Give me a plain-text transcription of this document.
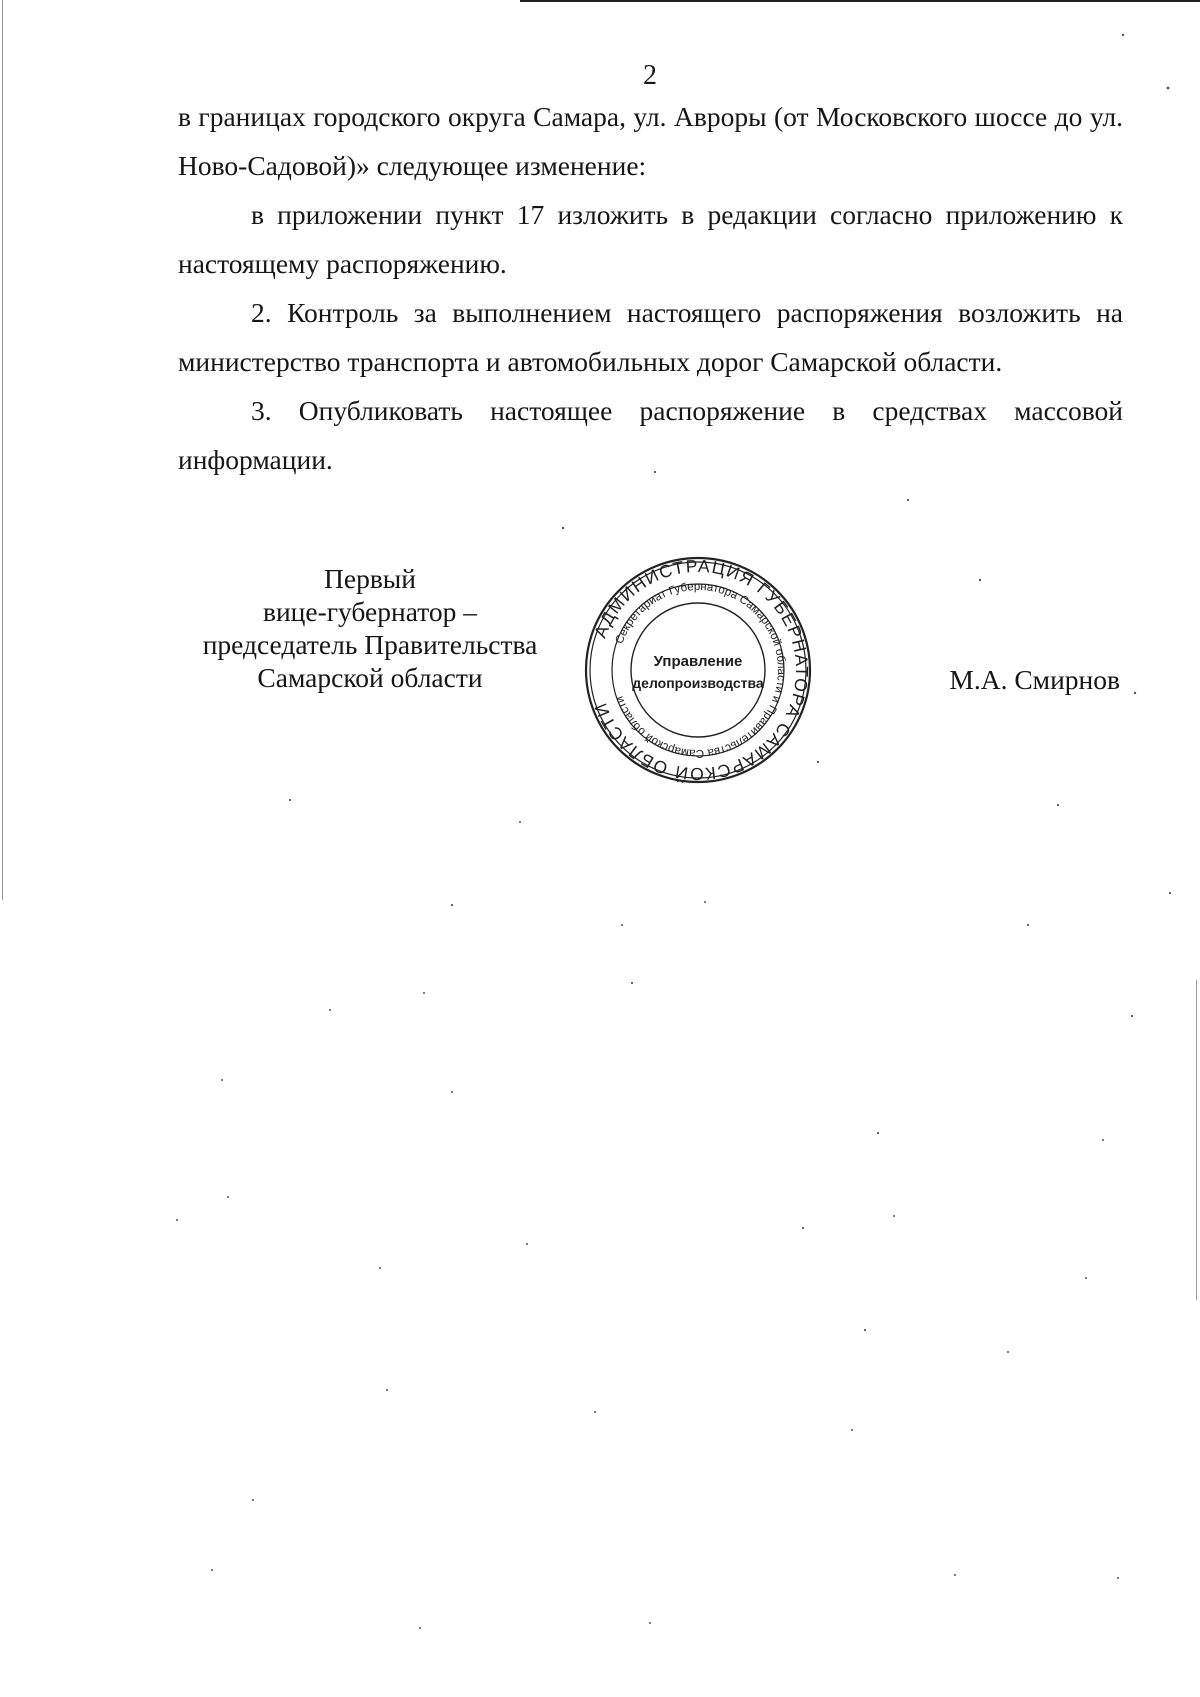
2

в границах городского округа Самара, ул. Авроры (от Московского шоссе до ул. Ново-Садовой)» следующее изменение:

в приложении пункт 17 изложить в редакции согласно приложению к настоящему распоряжению.

2. Контроль за выполнением настоящего распоряжения возложить на министерство транспорта и автомобильных дорог Самарской области.

3. Опубликовать настоящее распоряжение в средствах массовой информации.

Первый
вице-губернатор –
председатель Правительства
Самарской области
АДМИНИСТРАЦИЯ ГУБЕРНАТОРА САМАРСКОЙ ОБЛАСТИ
Секретариат Губернатора Самарской области и Правительства Самарской области
Управление
делопроизводства	М.А. Смирнов
